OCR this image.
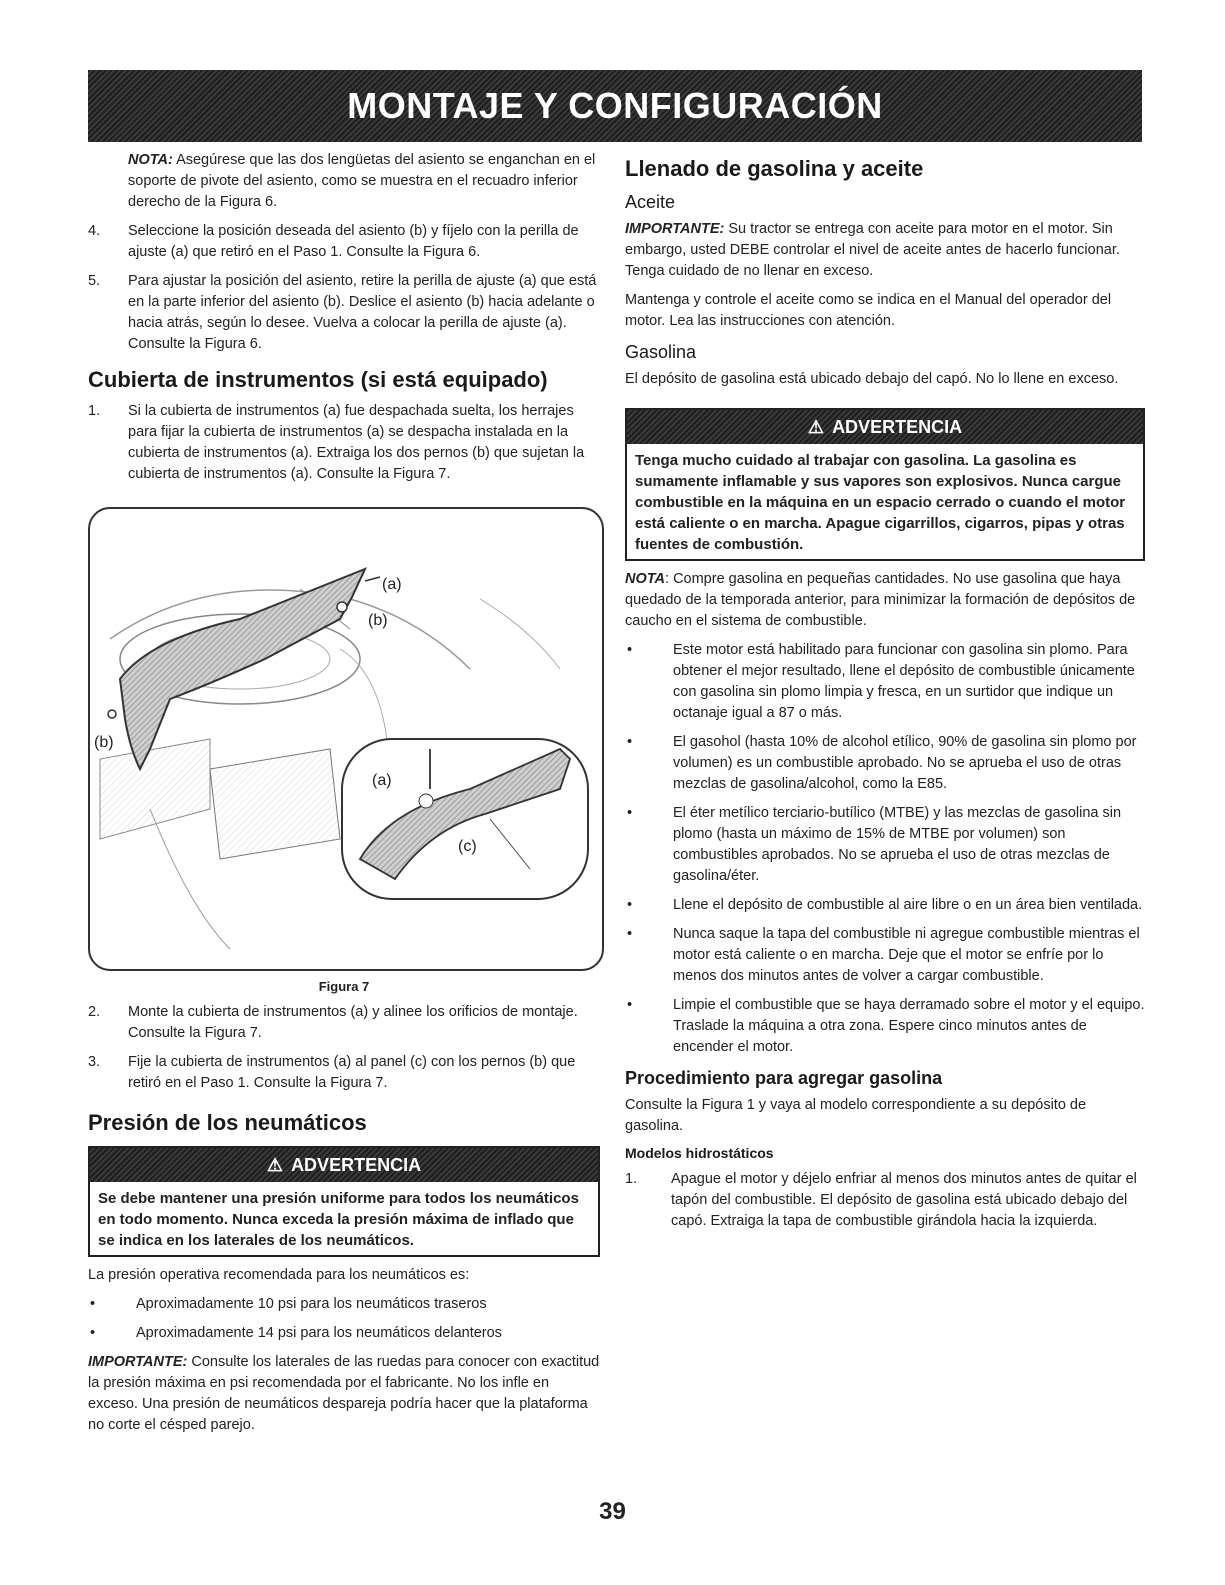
MONTAJE Y CONFIGURACIÓN

NOTA: Asegúrese que las dos lengüetas del asiento se enganchan en el soporte de pivote del asiento, como se muestra en el recuadro inferior derecho de la Figura 6.

4.	Seleccione la posición deseada del asiento (b) y fíjelo con la perilla de ajuste (a) que retiró en el Paso 1. Consulte la Figura 6.
5.	Para ajustar la posición del asiento, retire la perilla de ajuste (a) que está en la parte inferior del asiento (b). Deslice el asiento (b) hacia adelante o hacia atrás, según lo desee. Vuelva a colocar la perilla de ajuste (a). Consulte la Figura 6.
Cubierta de instrumentos (si está equipado)
1.	Si la cubierta de instrumentos (a) fue despachada suelta, los herrajes para fijar la cubierta de instrumentos (a) se despacha instalada en la cubierta de instrumentos (a). Extraiga los dos pernos (b) que sujetan la cubierta de instrumentos (a). Consulte la Figura 7.
(a)
(b)
(b)
(a)
(c)
Figura 7
2.	Monte la cubierta de instrumentos (a) y alinee los orificios de montaje. Consulte la Figura 7.
3.	Fije la cubierta de instrumentos (a) al panel (c) con los pernos (b) que retiró en el Paso 1. Consulte la Figura 7.
Presión de los neumáticos
⚠ ADVERTENCIA
Se debe mantener una presión uniforme para todos los neumáticos en todo momento. Nunca exceda la presión máxima de inflado que se indica en los laterales de los neumáticos.

La presión operativa recomendada para los neumáticos es:

•	Aproximadamente 10 psi para los neumáticos traseros
•	Aproximadamente 14 psi para los neumáticos delanteros

IMPORTANTE: Consulte los laterales de las ruedas para conocer con exactitud la presión máxima en psi recomendada por el fabricante. No los infle en exceso. Una presión de neumáticos despareja podría hacer que la plataforma no corte el césped parejo.

Llenado de gasolina y aceite
Aceite

IMPORTANTE: Su tractor se entrega con aceite para motor en el motor. Sin embargo, usted DEBE controlar el nivel de aceite antes de hacerlo funcionar. Tenga cuidado de no llenar en exceso.

Mantenga y controle el aceite como se indica en el Manual del operador del motor. Lea las instrucciones con atención.

Gasolina

El depósito de gasolina está ubicado debajo del capó. No lo llene en exceso.

⚠ ADVERTENCIA
Tenga mucho cuidado al trabajar con gasolina. La gasolina es sumamente inflamable y sus vapores son explosivos. Nunca cargue combustible en la máquina en un espacio cerrado o cuando el motor está caliente o en marcha. Apague cigarrillos, cigarros, pipas y otras fuentes de combustión.

NOTA: Compre gasolina en pequeñas cantidades. No use gasolina que haya quedado de la temporada anterior, para minimizar la formación de depósitos de caucho en el sistema de combustible.

•	Este motor está habilitado para funcionar con gasolina sin plomo. Para obtener el mejor resultado, llene el depósito de combustible únicamente con gasolina sin plomo limpia y fresca, en un surtidor que indique un octanaje igual a 87 o más.
•	El gasohol (hasta 10% de alcohol etílico, 90% de gasolina sin plomo por volumen) es un combustible aprobado. No se aprueba el uso de otras mezclas de gasolina/alcohol, como la E85.
•	El éter metílico terciario-butílico (MTBE) y las mezclas de gasolina sin plomo (hasta un máximo de 15% de MTBE por volumen) son combustibles aprobados. No se aprueba el uso de otras mezclas de gasolina/éter.
•	Llene el depósito de combustible al aire libre o en un área bien ventilada.
•	Nunca saque la tapa del combustible ni agregue combustible mientras el motor está caliente o en marcha. Deje que el motor se enfríe por lo menos dos minutos antes de volver a cargar combustible.
•	Limpie el combustible que se haya derramado sobre el motor y el equipo. Traslade la máquina a otra zona. Espere cinco minutos antes de encender el motor.
Procedimiento para agregar gasolina

Consulte la Figura 1 y vaya al modelo correspondiente a su depósito de gasolina.

Modelos hidrostáticos
1.	Apague el motor y déjelo enfriar al menos dos minutos antes de quitar el tapón del combustible. El depósito de gasolina está ubicado debajo del capó. Extraiga la tapa de combustible girándola hacia la izquierda.
39
